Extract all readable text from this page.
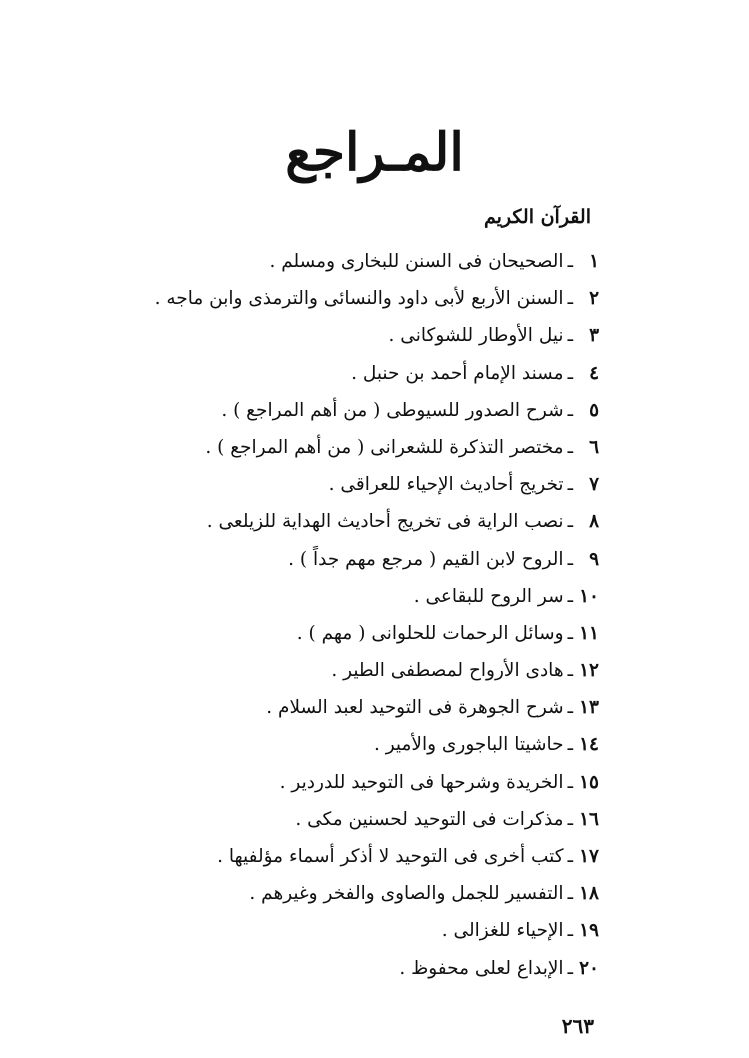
المـراجع
القرآن الكريم
١ـالصحيحان فى السنن للبخارى ومسلم .
٢ـالسنن الأربع لأبى داود والنسائى والترمذى وابن ماجه .
٣ـنيل الأوطار للشوكانى .
٤ـمسند الإمام أحمد بن حنبل .
٥ـشرح الصدور للسيوطى ( من أهم المراجع ) .
٦ـمختصر التذكرة للشعرانى ( من أهم المراجع ) .
٧ـتخريج أحاديث الإحياء للعراقى .
٨ـنصب الراية فى تخريج أحاديث الهداية للزيلعى .
٩ـالروح لابن القيم ( مرجع مهم جداً ) .
١٠ـسر الروح للبقاعى .
١١ـوسائل الرحمات للحلوانى ( مهم ) .
١٢ـهادى الأرواح لمصطفى الطير .
١٣ـشرح الجوهرة فى التوحيد لعبد السلام .
١٤ـحاشيتا الباجورى والأمير .
١٥ـالخريدة وشرحها فى التوحيد للدردير .
١٦ـمذكرات فى التوحيد لحسنين مكى .
١٧ـكتب أخرى فى التوحيد لا أذكر أسماء مؤلفيها .
١٨ـالتفسير للجمل والصاوى والفخر وغيرهم .
١٩ـالإحياء للغزالى .
٢٠ـالإبداع لعلى محفوظ .
٢٦٣
